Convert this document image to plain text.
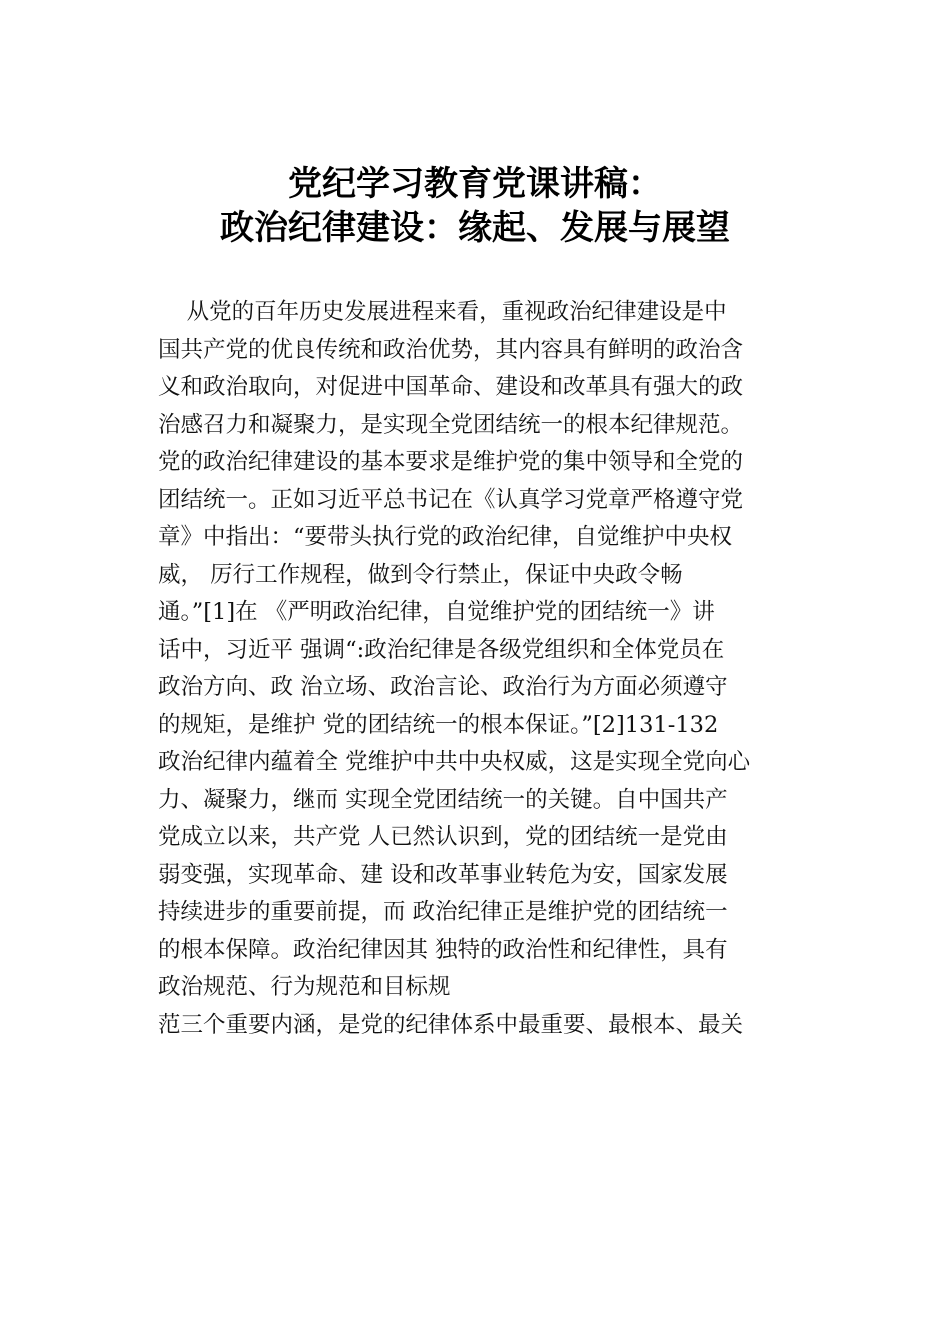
党纪学习教育党课讲稿：
政治纪律建设：缘起、发展与展望
从党的百年历史发展进程来看，重视政治纪律建设是中
国共产党的优良传统和政治优势，其内容具有鲜明的政治含
义和政治取向，对促进中国革命、建设和改革具有强大的政
治感召力和凝聚力，是实现全党团结统一的根本纪律规范。
党的政治纪律建设的基本要求是维护党的集中领导和全党的
团结统一。正如习近平总书记在《认真学习党章严格遵守党
章》中指出：“要带头执行党的政治纪律，自觉维护中央权
威， 厉行工作规程，做到令行禁止，保证中央政令畅
通。”[1]在 《严明政治纪律，自觉维护党的团结统一》讲
话中，习近平 强调“:政治纪律是各级党组织和全体党员在
政治方向、政 治立场、政治言论、政治行为方面必须遵守
的规矩，是维护 党的团结统一的根本保证。”[2]131-132
政治纪律内蕴着全 党维护中共中央权威，这是实现全党向心
力、凝聚力，继而 实现全党团结统一的关键。自中国共产
党成立以来，共产党 人已然认识到，党的团结统一是党由
弱变强，实现革命、建 设和改革事业转危为安，国家发展
持续进步的重要前提，而 政治纪律正是维护党的团结统一
的根本保障。政治纪律因其 独特的政治性和纪律性，具有
政治规范、行为规范和目标规
范三个重要内涵，是党的纪律体系中最重要、最根本、最关
